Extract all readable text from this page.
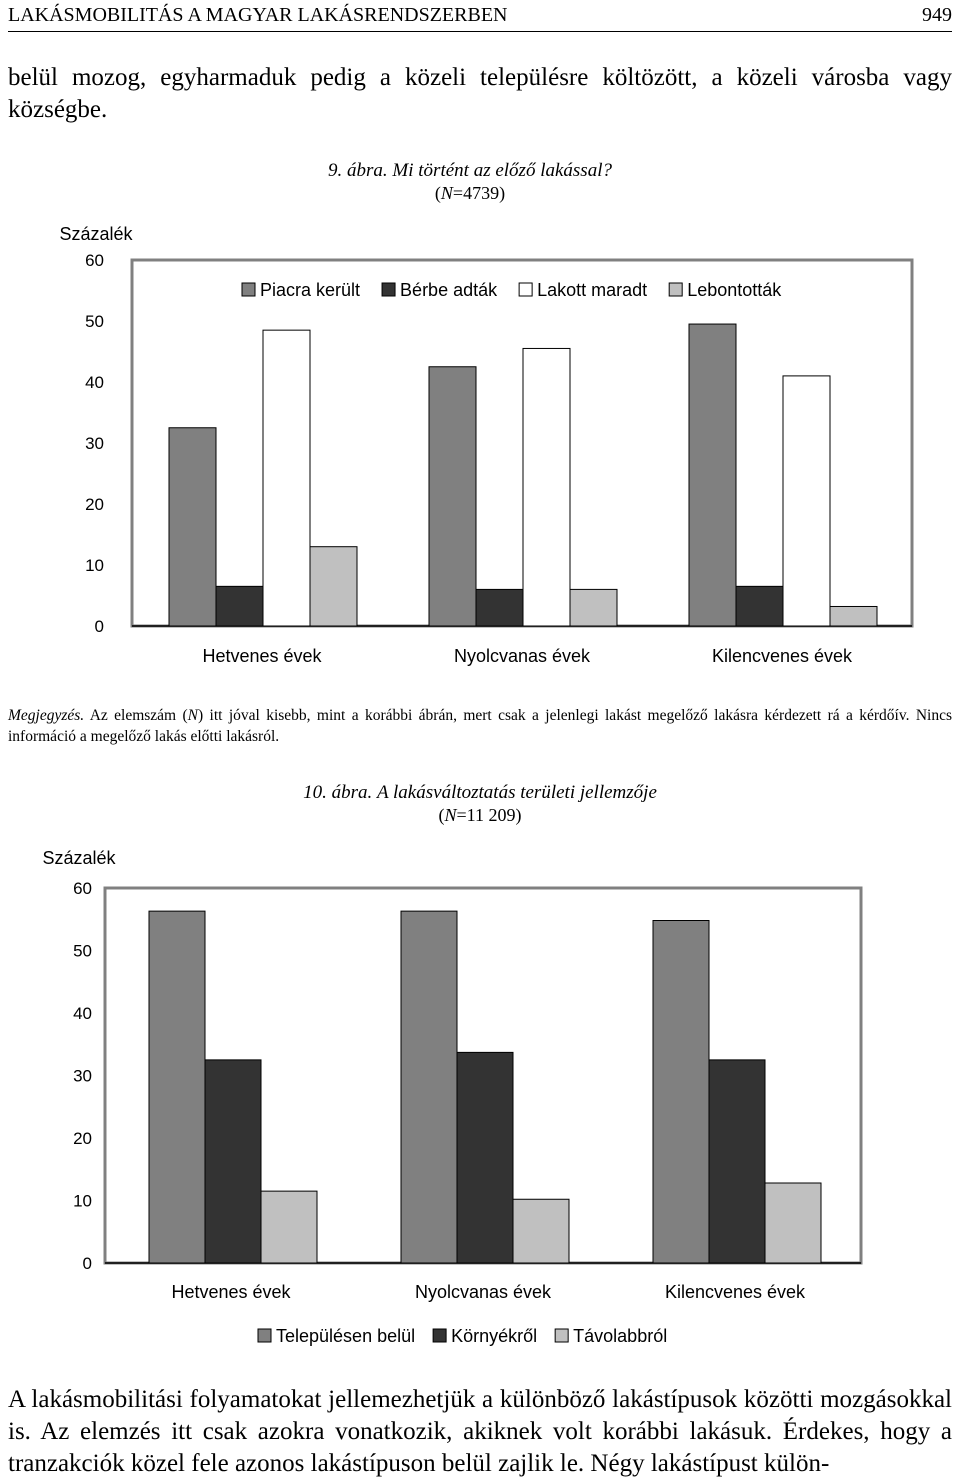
LAKÁSMOBILITÁS A MAGYAR LAKÁSRENDSZERBEN	949
belül mozog, egyharmaduk pedig a közeli településre költözött, a közeli városba vagy községbe.
9. ábra. Mi történt az előző lakással?
(N=4739)
Százalék
0
10
20
30
40
50
60
Hetvenes évek	Nyolcvanas évek	Kilencvenes évek
Piacra került Bérbe adták Lakott maradt Lebontották
Megjegyzés. Az elemszám (N) itt jóval kisebb, mint a korábbi ábrán, mert csak a jelenlegi lakást megelőző lakásra kérdezett rá a kérdőív. Nincs információ a megelőző lakás előtti lakásról.
10. ábra. A lakásváltoztatás területi jellemzője
(N=11 209)
Százalék
0
10
20
30
40
50
60
Hetvenes évek	Nyolcvanas évek	Kilencvenes évek
Településen belül Környékről Távolabbról
A lakásmobilitási folyamatokat jellemezhetjük a különböző lakástípusok közötti mozgásokkal is. Az elemzés itt csak azokra vonatkozik, akiknek volt korábbi lakásuk. Érdekes, hogy a tranzakciók közel fele azonos lakástípuson belül zajlik le. Négy lakástípust külön-
